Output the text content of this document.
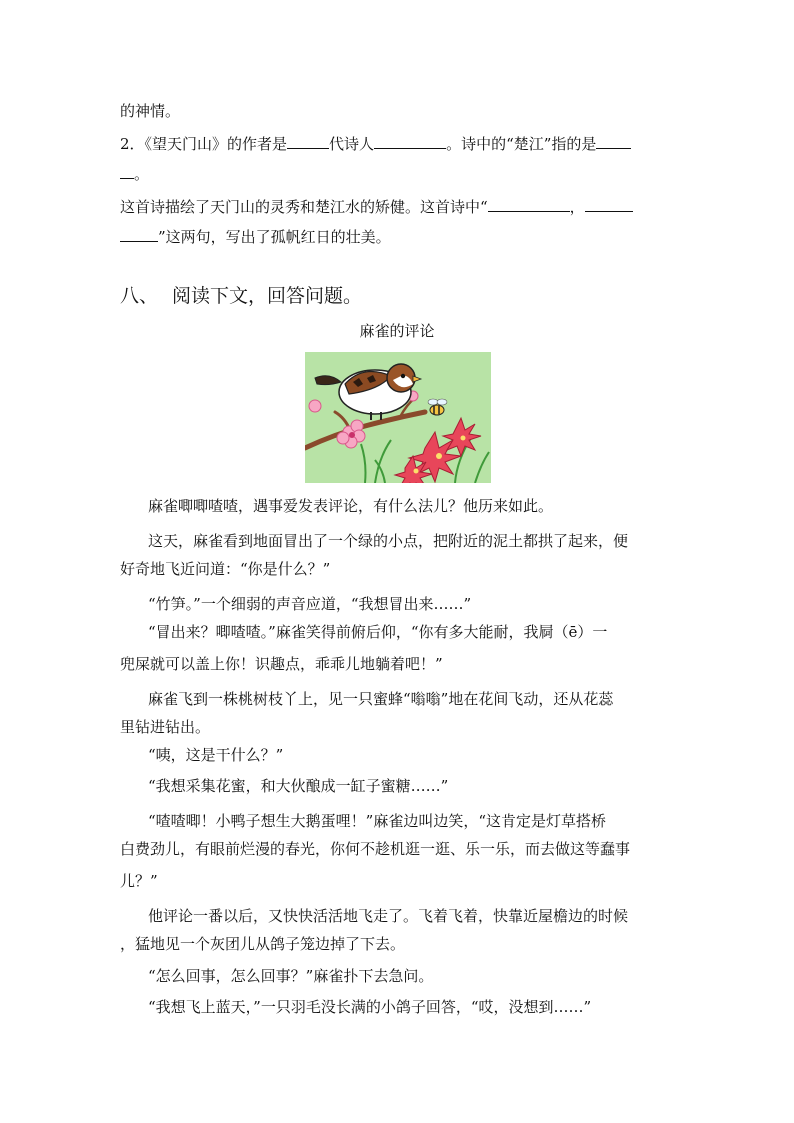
的神情。
2．《望天门山》的作者是	代诗人	。诗中的“楚江”指的是
。
这首诗描绘了天门山的灵秀和楚江水的矫健。这首诗中“	，
”这两句，写出了孤帆红日的壮美。
八、 阅读下文，回答问题。
麻雀的评论
麻雀唧唧喳喳，遇事爱发表评论，有什么法儿？他历来如此。
这天，麻雀看到地面冒出了一个绿的小点，把附近的泥土都拱了起来，便
好奇地飞近问道：“你是什么？”
“竹笋。”一个细弱的声音应道，“我想冒出来……”
“冒出来？唧喳喳。”麻雀笑得前俯后仰，“你有多大能耐，我屙（ē）一
兜屎就可以盖上你！识趣点，乖乖儿地躺着吧！”
麻雀飞到一株桃树枝丫上，见一只蜜蜂“嗡嗡”地在花间飞动，还从花蕊
里钻进钻出。
“咦，这是干什么？”
“我想采集花蜜，和大伙酿成一缸子蜜糖……”
“喳喳唧！小鸭子想生大鹅蛋哩！”麻雀边叫边笑，“这肯定是灯草搭桥
白费劲儿，有眼前烂漫的春光，你何不趁机逛一逛、乐一乐，而去做这等蠢事
儿？”
他评论一番以后，又快快活活地飞走了。飞着飞着，快靠近屋檐边的时候
，猛地见一个灰团儿从鸽子笼边掉了下去。
“怎么回事，怎么回事？”麻雀扑下去急问。
“我想飞上蓝天，”一只羽毛没长满的小鸽子回答，“哎，没想到……”
